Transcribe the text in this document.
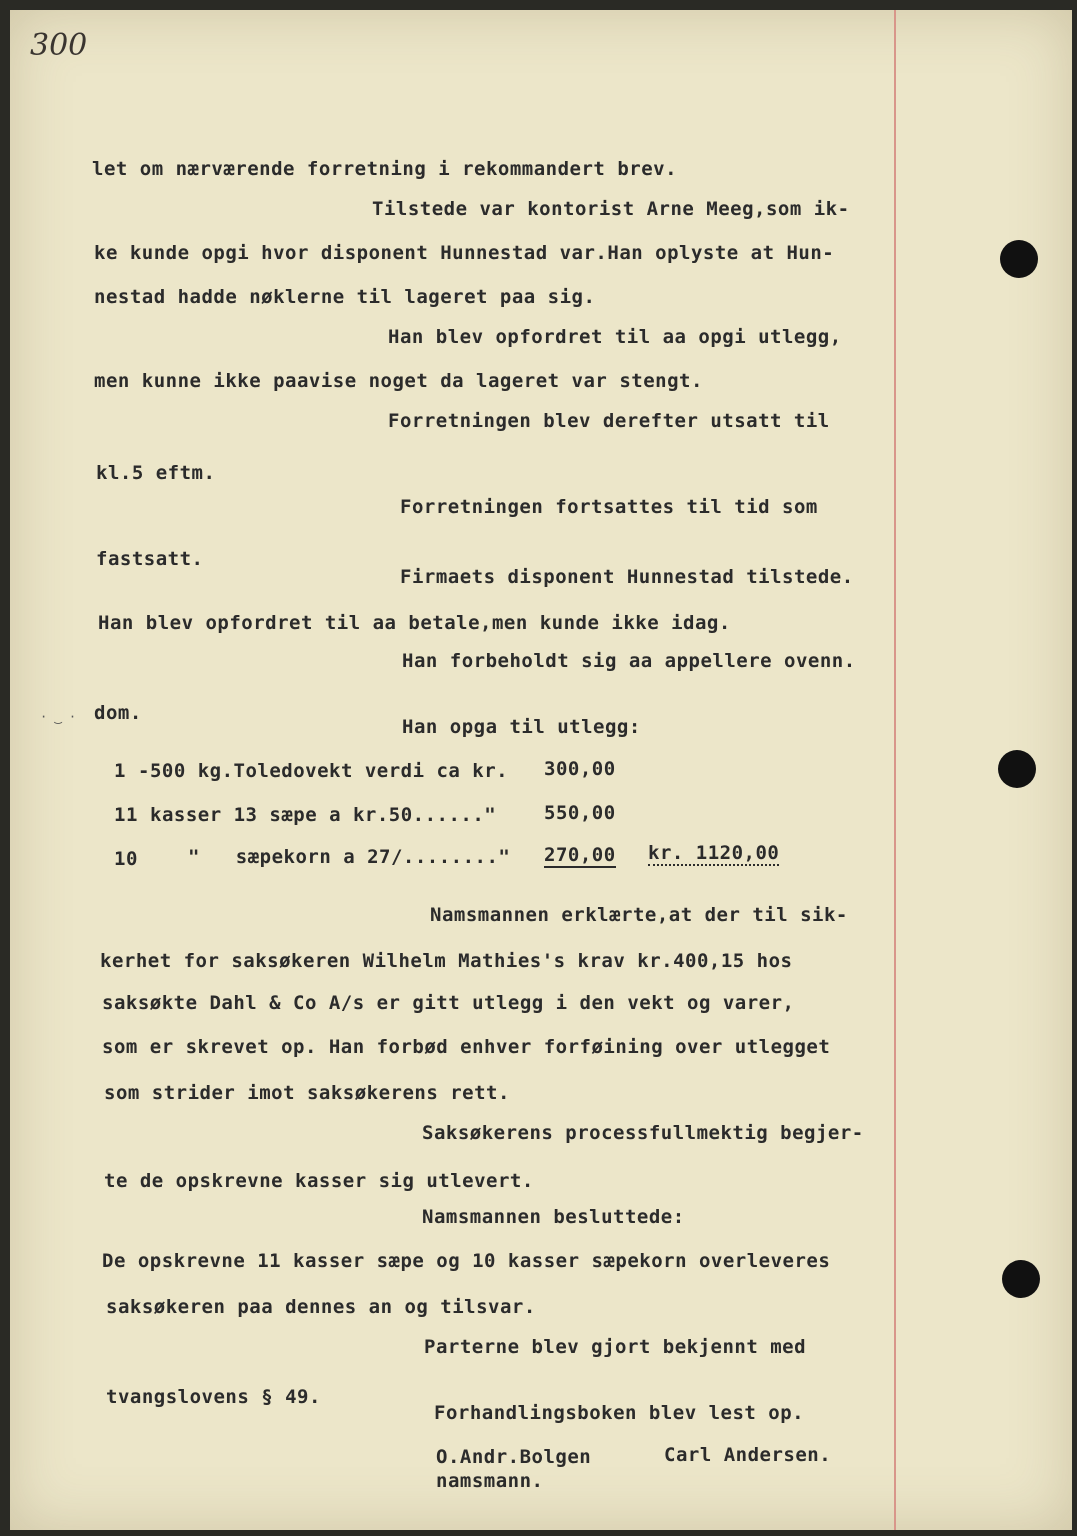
300
let om nærværende forretning i rekommandert brev.
Tilstede var kontorist Arne Meeg,som ik-
ke kunde opgi hvor disponent Hunnestad var.Han oplyste at Hun-
nestad hadde nøklerne til lageret paa sig.
Han blev opfordret til aa opgi utlegg,
men kunne ikke paavise noget da lageret var stengt.
Forretningen blev derefter utsatt til
kl.5 eftm.
Forretningen fortsattes til tid som
fastsatt.
Firmaets disponent Hunnestad tilstede.
Han blev opfordret til aa betale,men kunde ikke idag.
Han forbeholdt sig aa appellere ovenn.
dom.
· ‿ ·	Han opga til utlegg:
1 -500 kg.Toledovekt verdi ca kr. 300,00
11 kasser 13 sæpe a kr.50......"	550,00
10	"   sæpekorn a 27/........" 270,00 kr. 1120,00
Namsmannen erklærte,at der til sik-
kerhet for saksøkeren Wilhelm Mathies's krav kr.400,15 hos
saksøkte Dahl & Co A/s er gitt utlegg i den vekt og varer,
som er skrevet op. Han forbød enhver forføining over utlegget
som strider imot saksøkerens rett.
Saksøkerens processfullmektig begjer-
te de opskrevne kasser sig utlevert.
Namsmannen besluttede:
De opskrevne 11 kasser sæpe og 10 kasser sæpekorn overleveres
saksøkeren paa dennes an og tilsvar.
Parterne blev gjort bekjennt med
tvangslovens § 49.
Forhandlingsboken blev lest op.
O.Andr.Bolgen
namsmann.
Carl Andersen.
